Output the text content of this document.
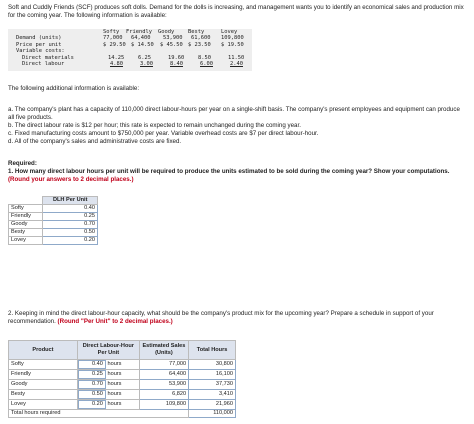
Soft and Cuddly Friends (SCF) produces soft dolls. Demand for the dolls is increasing, and management wants you to identify an economical sales and production mix for the coming year. The following information is available:

Softy Friendly Goody	Besty	Lovey
Demand (units)	77,000 64,400 53,900 61,600 109,800
Price per unit	$ 29.50 $ 14.50 $ 45.50 $ 23.50 $ 19.50
Variable costs:
Direct materials	14.25	6.25	19.60	8.50	11.50
Direct labour	4.80	3.00	8.40	6.00	2.40

The following additional information is available:

a. The company's plant has a capacity of 110,000 direct labour-hours per year on a single-shift basis. The company's present employees and equipment can produce all five products.

b. The direct labour rate is $12 per hour; this rate is expected to remain unchanged during the coming year.

c. Fixed manufacturing costs amount to $750,000 per year. Variable overhead costs are $7 per direct labour-hour.

d. All of the company's sales and administrative costs are fixed.

Required:

1. How many direct labour hours per unit will be required to produce the units estimated to be sold during the coming year? Show your computations. (Round your answers to 2 decimal places.)

	DLH Per Unit
Softy	0.40
Friendly	0.25
Goody	0.70
Besty	0.50
Lovey	0.20

2. Keeping in mind the direct labour-hour capacity, what should be the company's product mix for the upcoming year? Prepare a schedule in support of your recommendation. (Round "Per Unit" to 2 decimal places.)

Product	Direct Labour-Hour Per Unit	Estimated Sales (Units)	Total Hours
Softy	0.40 hours	77,000	30,800
Friendly	0.25 hours	64,400	16,100
Goody	0.70 hours	53,900	37,730
Besty	0.50 hours	6,820	3,410
Lovey	0.20 hours	109,800	21,960
Total hours required			110,000
